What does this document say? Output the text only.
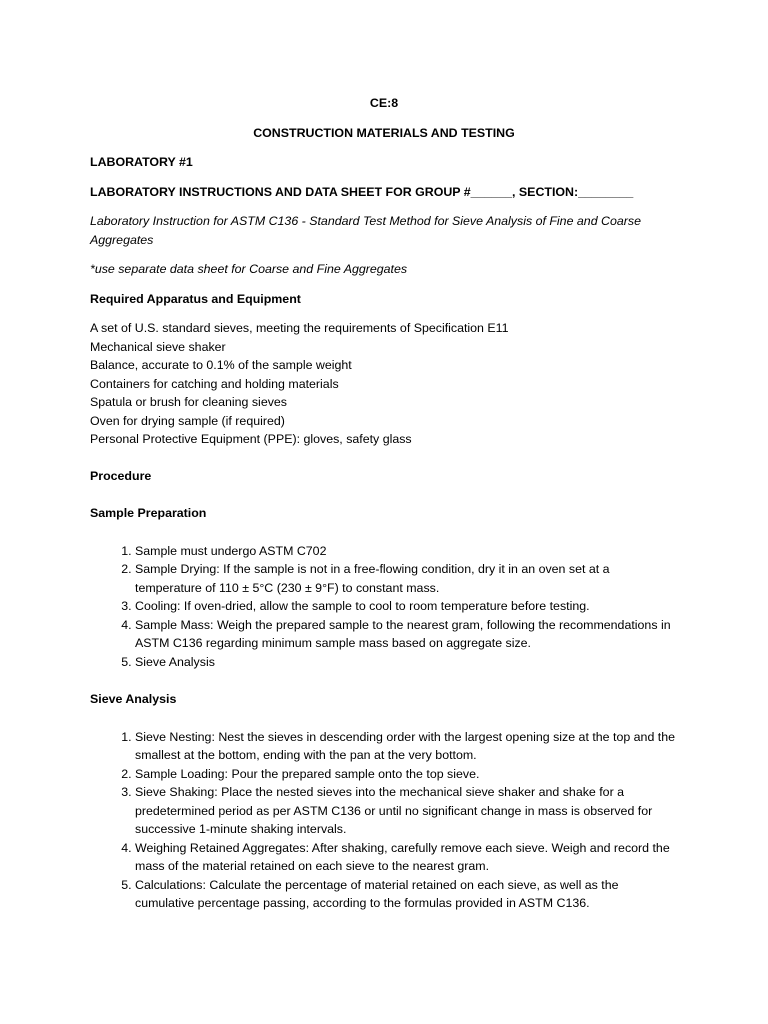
CE:8
CONSTRUCTION MATERIALS AND TESTING
LABORATORY #1
LABORATORY INSTRUCTIONS AND DATA SHEET FOR GROUP #______, SECTION:________
Laboratory Instruction for ASTM C136 - Standard Test Method for Sieve Analysis of Fine and Coarse Aggregates
*use separate data sheet for Coarse and Fine Aggregates
Required Apparatus and Equipment
A set of U.S. standard sieves, meeting the requirements of Specification E11
Mechanical sieve shaker
Balance, accurate to 0.1% of the sample weight
Containers for catching and holding materials
Spatula or brush for cleaning sieves
Oven for drying sample (if required)
Personal Protective Equipment (PPE): gloves, safety glass
Procedure
Sample Preparation
1. Sample must undergo ASTM C702
2. Sample Drying: If the sample is not in a free-flowing condition, dry it in an oven set at a temperature of 110 ± 5°C (230 ± 9°F) to constant mass.
3. Cooling: If oven-dried, allow the sample to cool to room temperature before testing.
4. Sample Mass: Weigh the prepared sample to the nearest gram, following the recommendations in ASTM C136 regarding minimum sample mass based on aggregate size.
5. Sieve Analysis
Sieve Analysis
1. Sieve Nesting: Nest the sieves in descending order with the largest opening size at the top and the smallest at the bottom, ending with the pan at the very bottom.
2. Sample Loading: Pour the prepared sample onto the top sieve.
3. Sieve Shaking: Place the nested sieves into the mechanical sieve shaker and shake for a predetermined period as per ASTM C136 or until no significant change in mass is observed for successive 1-minute shaking intervals.
4. Weighing Retained Aggregates: After shaking, carefully remove each sieve. Weigh and record the mass of the material retained on each sieve to the nearest gram.
5. Calculations: Calculate the percentage of material retained on each sieve, as well as the cumulative percentage passing, according to the formulas provided in ASTM C136.
